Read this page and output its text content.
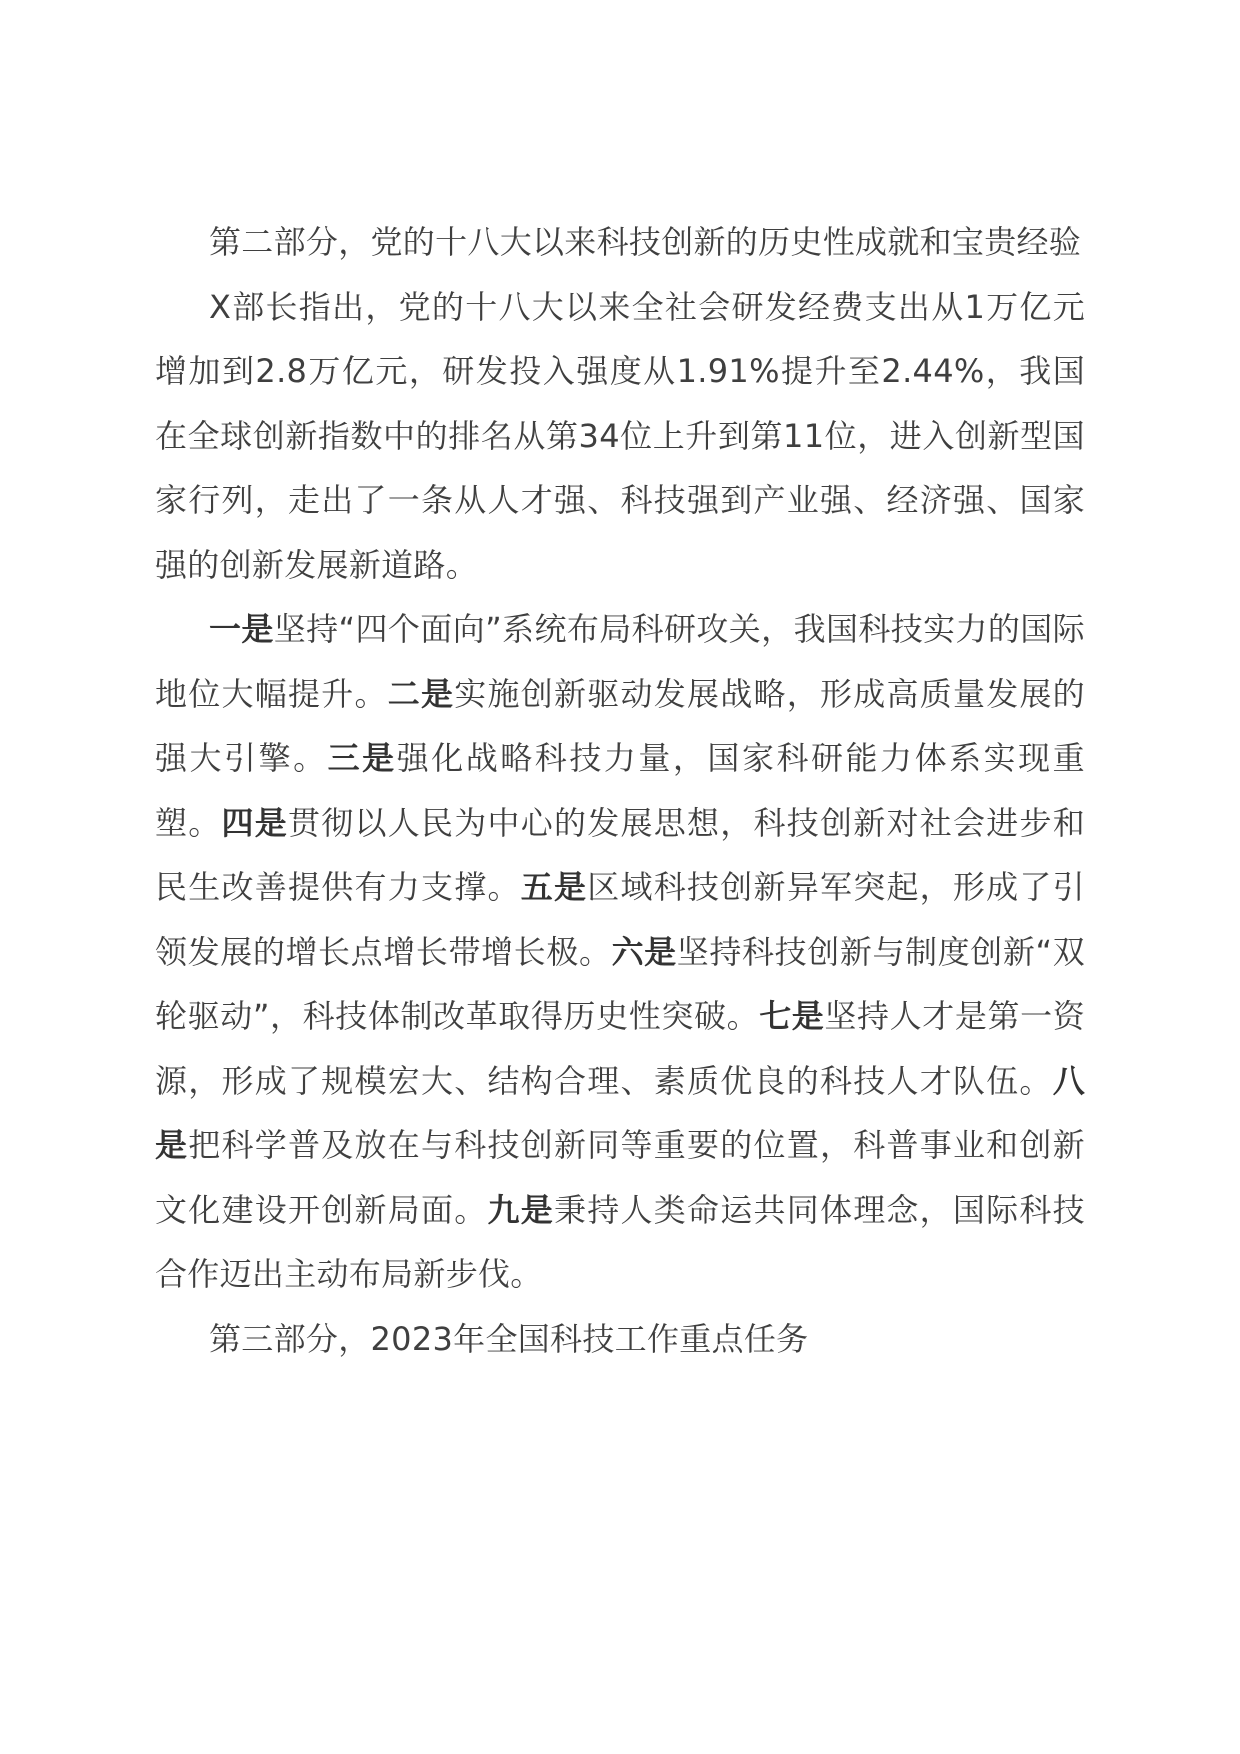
第二部分，党的十八大以来科技创新的历史性成就和宝贵经验

X部长指出，党的十八大以来全社会研发经费支出从1万亿元增加到2.8万亿元，研发投入强度从1.91%提升至2.44%，我国在全球创新指数中的排名从第34位上升到第11位，进入创新型国家行列，走出了一条从人才强、科技强到产业强、经济强、国家强的创新发展新道路。

一是坚持“四个面向”系统布局科研攻关，我国科技实力的国际地位大幅提升。二是实施创新驱动发展战略，形成高质量发展的强大引擎。三是强化战略科技力量，国家科研能力体系实现重塑。四是贯彻以人民为中心的发展思想，科技创新对社会进步和民生改善提供有力支撑。五是区域科技创新异军突起，形成了引领发展的增长点增长带增长极。六是坚持科技创新与制度创新“双轮驱动”，科技体制改革取得历史性突破。七是坚持人才是第一资源，形成了规模宏大、结构合理、素质优良的科技人才队伍。八是把科学普及放在与科技创新同等重要的位置，科普事业和创新文化建设开创新局面。九是秉持人类命运共同体理念，国际科技合作迈出主动布局新步伐。

第三部分，2023年全国科技工作重点任务
